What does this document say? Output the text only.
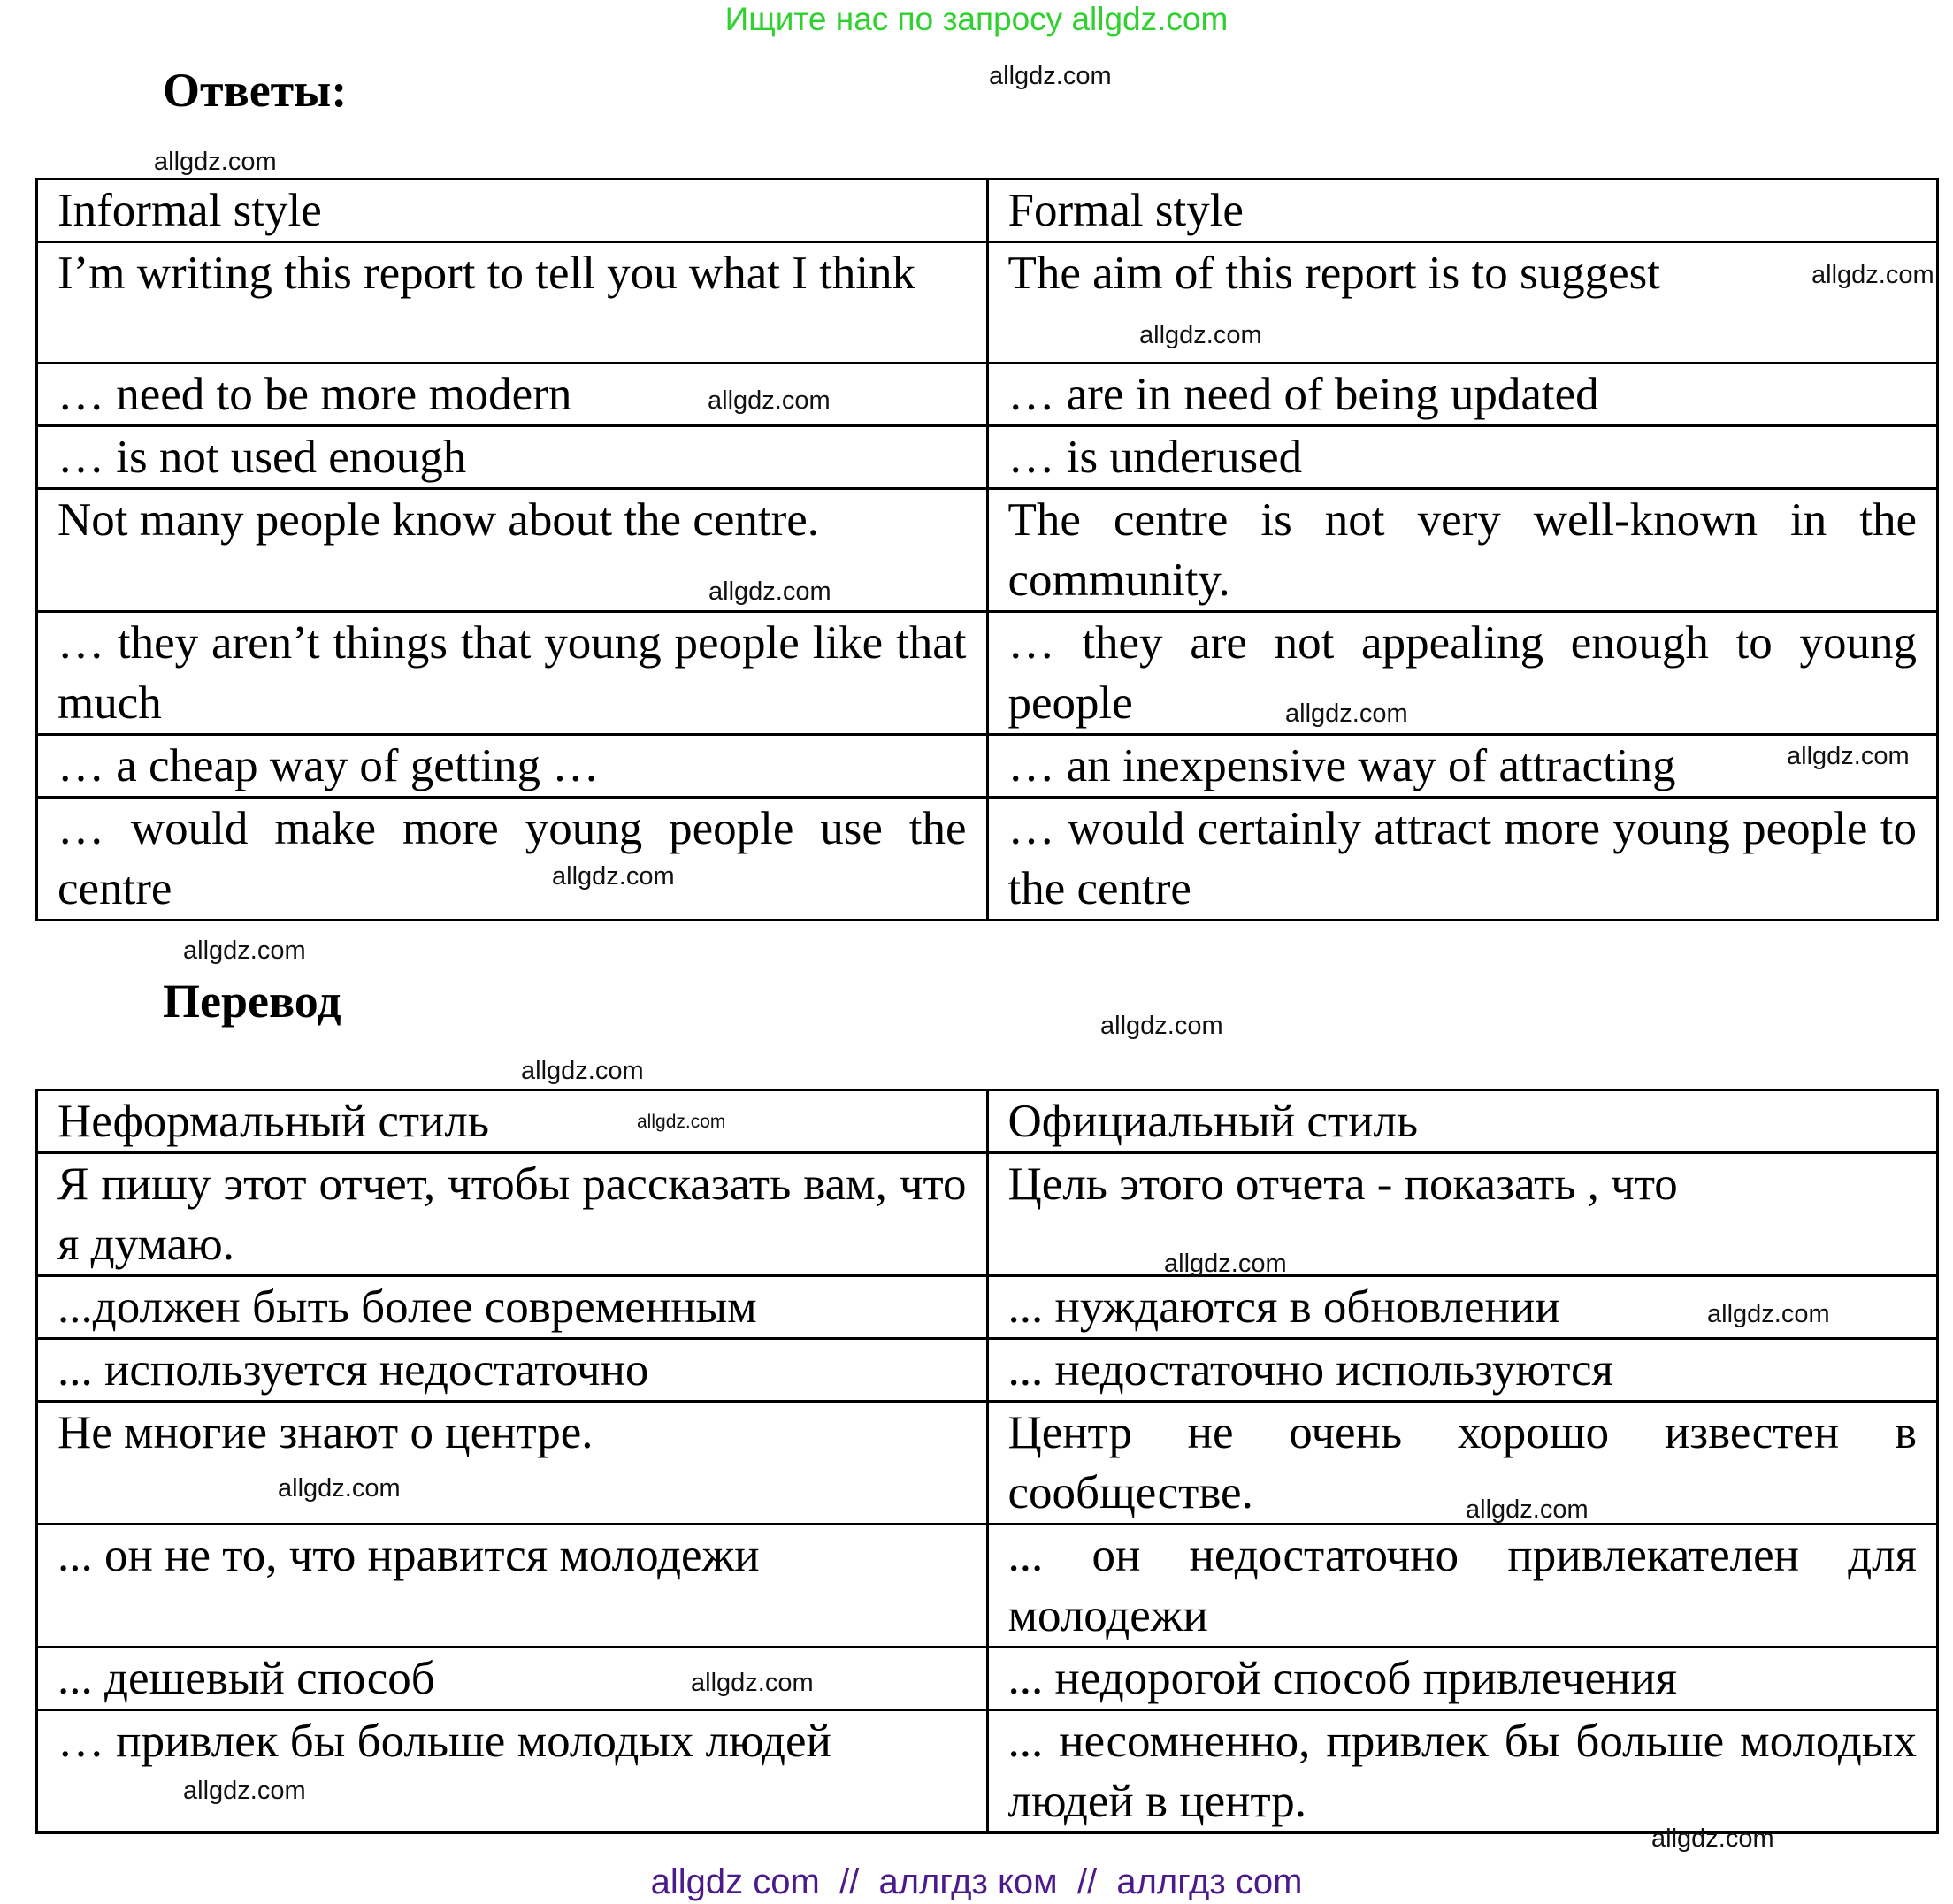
Ищите нас по запросу allgdz.com
Ответы:
Informal style	Formal style
I’m writing this report to tell you what I think	The aim of this report is to suggest
… need to be more modern	… are in need of being updated
… is not used enough	… is underused
Not many people know about the centre.	The centre is not very well-known in the community.
… they aren’t things that young people like that much	… they are not appealing enough to young people
… a cheap way of getting …	… an inexpensive way of attracting
… would make more young people use the centre	… would certainly attract more young people to the centre
Перевод
Неформальный стиль	Официальный стиль
Я пишу этот отчет, чтобы рассказать вам, что я думаю.	Цель этого отчета - показать , что
...должен быть более современным	... нуждаются в обновлении
... используется недостаточно	... недостаточно используются
Не многие знают о центре.	Центр не очень хорошо известен в сообществе.
... он не то, что нравится молодежи	... он недостаточно привлекателен для молодежи
... дешевый способ	... недорогой способ привлечения
… привлек бы больше молодых людей	... несомненно, привлек бы больше молодых людей в центр.
allgdz.com
allgdz.com
allgdz.com
allgdz.com
allgdz.com
allgdz.com
allgdz.com
allgdz.com
allgdz.com
allgdz.com
allgdz.com
allgdz.com
allgdz.com
allgdz.com
allgdz.com
allgdz.com
allgdz.com
allgdz.com
allgdz.com
allgdz.com
allgdz com  //  аллгдз ком  //  аллгдз com
